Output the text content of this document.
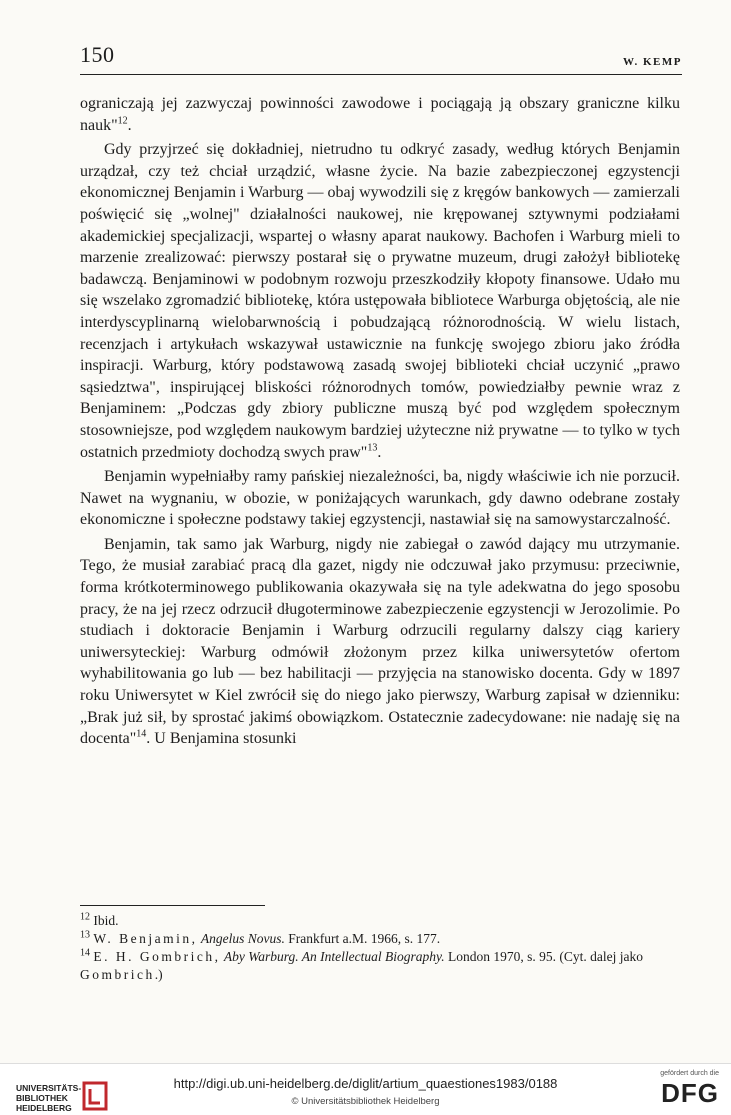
150	W. KEMP

ograniczają jej zazwyczaj powinności zawodowe i pociągają ją obszary graniczne kilku nauk"$^{12}$.

Gdy przyjrzeć się dokładniej, nietrudno tu odkryć zasady, według których Benjamin urządzał, czy też chciał urządzić, własne życie. Na bazie zabezpieczonej egzystencji ekonomicznej Benjamin i Warburg — obaj wywodzili się z kręgów bankowych — zamierzali poświęcić się „wolnej" działalności naukowej, nie krępowanej sztywnymi podziałami akademickiej specjalizacji, wspartej o własny aparat naukowy. Bachofen i Warburg mieli to marzenie zrealizować: pierwszy postarał się o prywatne muzeum, drugi założył bibliotekę badawczą. Benjaminowi w podobnym rozwoju przeszkodziły kłopoty finansowe. Udało mu się wszelako zgromadzić bibliotekę, która ustępowała bibliotece Warburga objętością, ale nie interdyscyplinarną wielobarwnością i pobudzającą różnorodnością. W wielu listach, recenzjach i artykułach wskazywał ustawicznie na funkcję swojego zbioru jako źródła inspiracji. Warburg, który podstawową zasadą swojej biblioteki chciał uczynić „prawo sąsiedztwa", inspirującej bliskości różnorodnych tomów, powiedziałby pewnie wraz z Benjaminem: „Podczas gdy zbiory publiczne muszą być pod względem społecznym stosowniejsze, pod względem naukowym bardziej użyteczne niż prywatne — to tylko w tych ostatnich przedmioty dochodzą swych praw"$^{13}$.

Benjamin wypełniałby ramy pańskiej niezależności, ba, nigdy właściwie ich nie porzucił. Nawet na wygnaniu, w obozie, w poniżających warunkach, gdy dawno odebrane zostały ekonomiczne i społeczne podstawy takiej egzystencji, nastawiał się na samowystarczalność.

Benjamin, tak samo jak Warburg, nigdy nie zabiegał o zawód dający mu utrzymanie. Tego, że musiał zarabiać pracą dla gazet, nigdy nie odczuwał jako przymusu: przeciwnie, forma krótkoterminowego publikowania okazywała się na tyle adekwatna do jego sposobu pracy, że na jej rzecz odrzucił długoterminowe zabezpieczenie egzystencji w Jerozolimie. Po studiach i doktoracie Benjamin i Warburg odrzucili regularny dalszy ciąg kariery uniwersyteckiej: Warburg odmówił złożonym przez kilka uniwersytetów ofertom wyhabilitowania go lub — bez habilitacji — przyjęcia na stanowisko docenta. Gdy w 1897 roku Uniwersytet w Kiel zwrócił się do niego jako pierwszy, Warburg zapisał w dzienniku: „Brak już sił, by sprostać jakimś obowiązkom. Ostatecznie zadecydowane: nie nadaję się na docenta"$^{14}$. U Benjamina stosunki

$^{12}$ Ibid.

$^{13}$ W. Benjamin, Angelus Novus. Frankfurt a.M. 1966, s. 177.

$^{14}$ E. H. Gombrich, Aby Warburg. An Intellectual Biography. London 1970, s. 95. (Cyt. dalej jako Gombrich.)

UNIVERSITÄTS-
BIBLIOTHEK
HEIDELBERG
http://digi.ub.uni-heidelberg.de/diglit/artium_quaestiones1983/0188
© Universitätsbibliothek Heidelberg
gefördert durch die
DFG
